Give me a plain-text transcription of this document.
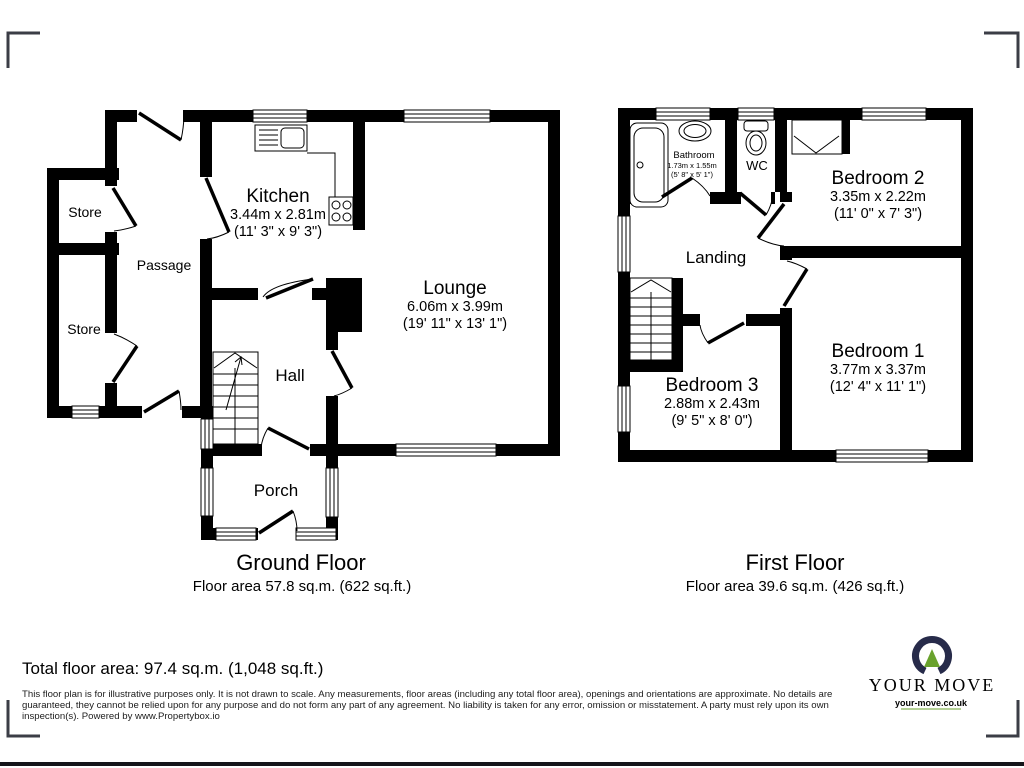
Store
Store
Passage
Kitchen
3.44m x 2.81m
(11' 3" x 9' 3")
Lounge
6.06m x 3.99m
(19' 11" x 13' 1")
Hall
Porch
Bathroom
1.73m x 1.55m
(5' 8" x 5' 1")
WC
Landing
Bedroom 2
3.35m x 2.22m
(11' 0" x 7' 3")
Bedroom 1
3.77m x 3.37m
(12' 4" x 11' 1")
Bedroom 3
2.88m x 2.43m
(9' 5" x 8' 0")
Ground Floor
Floor area 57.8 sq.m. (622 sq.ft.)
First Floor
Floor area 39.6 sq.m. (426 sq.ft.)
Total floor area: 97.4 sq.m. (1,048 sq.ft.)
This floor plan is for illustrative purposes only. It is not drawn to scale. Any measurements, floor areas (including any total floor area), openings and orientations are approximate. No details are
guaranteed, they cannot be relied upon for any purpose and do not form any part of any agreement. No liability is taken for any error, omission or misstatement. A party must rely upon its own
inspection(s). Powered by www.Propertybox.io
YOUR MOVE
your-move.co.uk
